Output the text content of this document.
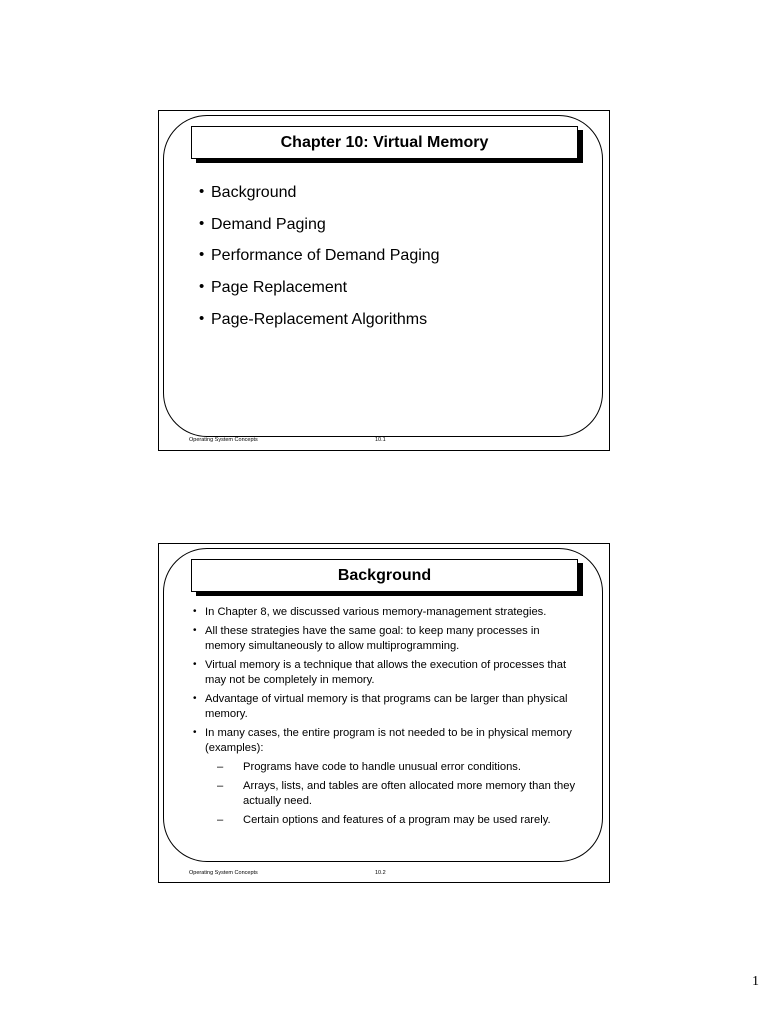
Chapter 10: Virtual Memory
• Background
• Demand Paging
• Performance of Demand Paging
• Page Replacement
• Page-Replacement Algorithms
Operating System Concepts	10.1
Background
• In Chapter 8, we discussed various memory-management strategies.
• All these strategies have the same goal: to keep many processes in memory simultaneously to allow multiprogramming.
• Virtual memory is a technique that allows the execution of processes that may not be completely in memory.
• Advantage of virtual memory is that programs can be larger than physical memory.
• In many cases, the entire program is not needed to be in physical memory (examples):
– Programs have code to handle unusual error conditions.
– Arrays, lists, and tables are often allocated more memory than they actually need.
– Certain options and features of a program may be used rarely.
Operating System Concepts	10.2
1
